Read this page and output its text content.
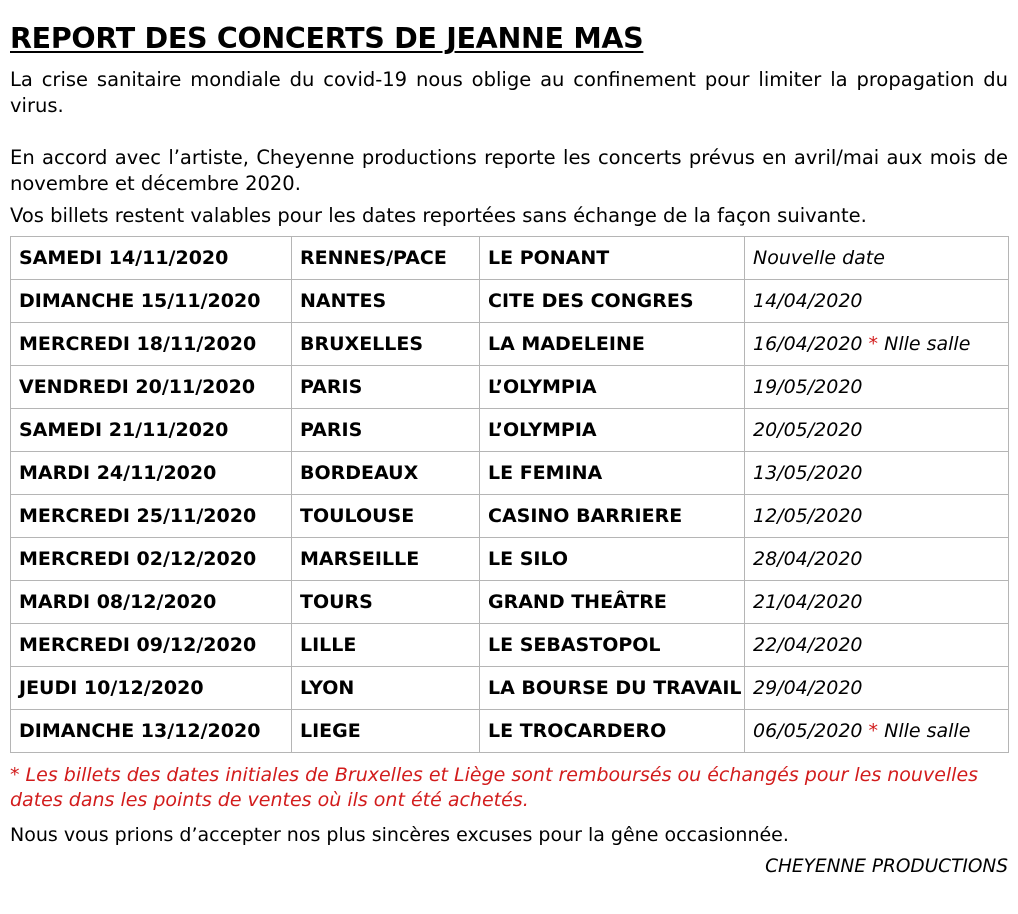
REPORT DES CONCERTS DE JEANNE MAS

La crise sanitaire mondiale du covid-19 nous oblige au confinement pour limiter la propagation du virus.

En accord avec l’artiste, Cheyenne productions reporte les concerts prévus en avril/mai aux mois de novembre et décembre 2020.

Vos billets restent valables pour les dates reportées sans échange de la façon suivante.

SAMEDI 14/11/2020	RENNES/PACE	LE PONANT	Nouvelle date
DIMANCHE 15/11/2020	NANTES	CITE DES CONGRES	14/04/2020
MERCREDI 18/11/2020	BRUXELLES	LA MADELEINE	16/04/2020 * Nlle salle
VENDREDI 20/11/2020	PARIS	L’OLYMPIA	19/05/2020
SAMEDI 21/11/2020	PARIS	L’OLYMPIA	20/05/2020
MARDI 24/11/2020	BORDEAUX	LE FEMINA	13/05/2020
MERCREDI 25/11/2020	TOULOUSE	CASINO BARRIERE	12/05/2020
MERCREDI 02/12/2020	MARSEILLE	LE SILO	28/04/2020
MARDI 08/12/2020	TOURS	GRAND THEÂTRE	21/04/2020
MERCREDI 09/12/2020	LILLE	LE SEBASTOPOL	22/04/2020
JEUDI 10/12/2020	LYON	LA BOURSE DU TRAVAIL	29/04/2020
DIMANCHE 13/12/2020	LIEGE	LE TROCARDERO	06/05/2020 * Nlle salle
* Les billets des dates initiales de Bruxelles et Liège sont remboursés ou échangés pour les nouvelles dates dans les points de ventes où ils ont été achetés.
Nous vous prions d’accepter nos plus sincères excuses pour la gêne occasionnée.
CHEYENNE PRODUCTIONS
